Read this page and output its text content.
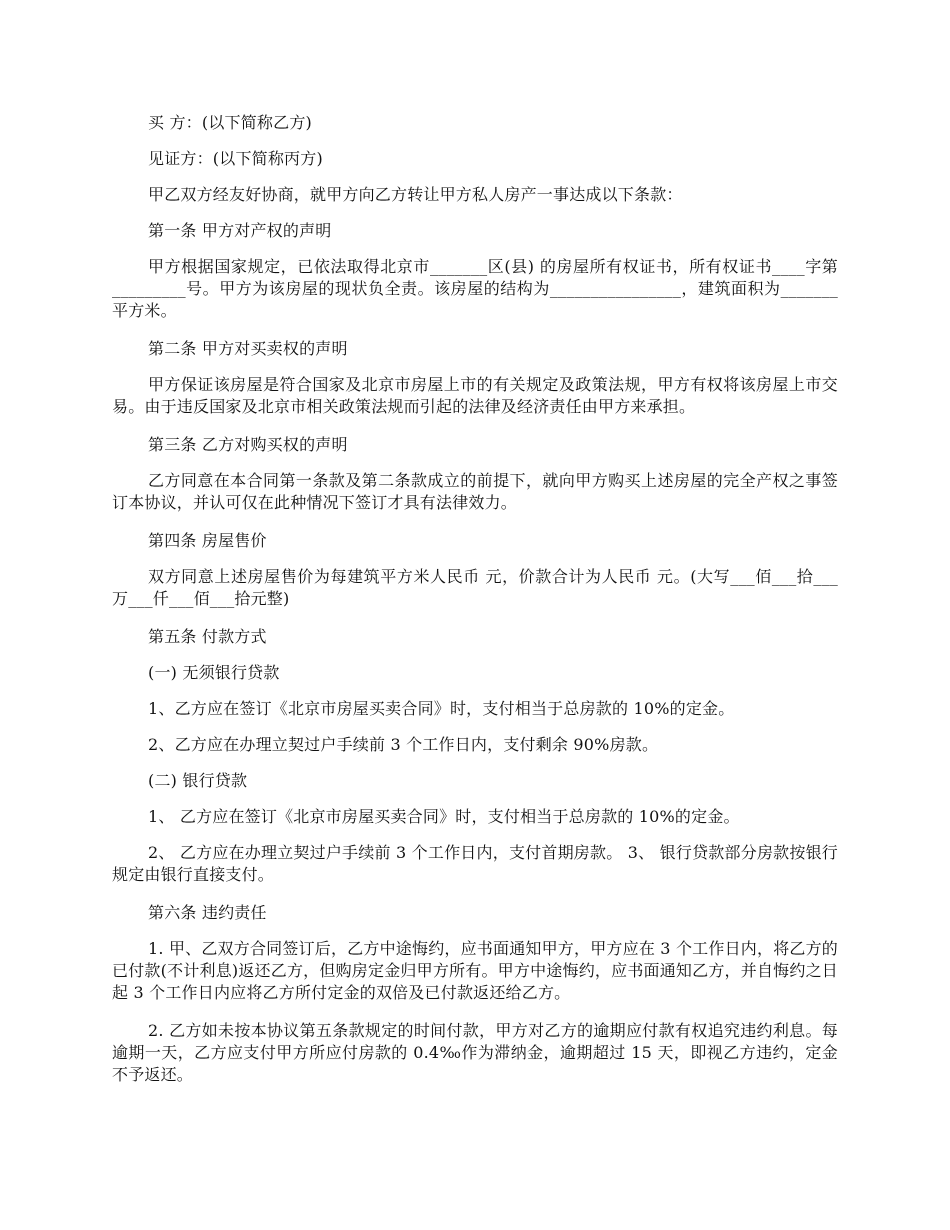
买 方：(以下简称乙方)

见证方：(以下简称丙方)

甲乙双方经友好协商，就甲方向乙方转让甲方私人房产一事达成以下条款：

第一条 甲方对产权的声明

甲方根据国家规定，已依法取得北京市_______区(县) 的房屋所有权证书，所有权证书____字第_________号。甲方为该房屋的现状负全责。该房屋的结构为________________，建筑面积为_______平方米。

第二条 甲方对买卖权的声明

甲方保证该房屋是符合国家及北京市房屋上市的有关规定及政策法规，甲方有权将该房屋上市交易。由于违反国家及北京市相关政策法规而引起的法律及经济责任由甲方来承担。

第三条 乙方对购买权的声明

乙方同意在本合同第一条款及第二条款成立的前提下，就向甲方购买上述房屋的完全产权之事签订本协议，并认可仅在此种情况下签订才具有法律效力。

第四条 房屋售价

双方同意上述房屋售价为每建筑平方米人民币 元，价款合计为人民币 元。(大写___佰___拾___万___仟___佰___拾元整)

第五条 付款方式

(一) 无须银行贷款

1、乙方应在签订《北京市房屋买卖合同》时，支付相当于总房款的 10%的定金。

2、乙方应在办理立契过户手续前 3 个工作日内，支付剩余 90%房款。

(二) 银行贷款

1、 乙方应在签订《北京市房屋买卖合同》时，支付相当于总房款的 10%的定金。

2、 乙方应在办理立契过户手续前 3 个工作日内，支付首期房款。 3、 银行贷款部分房款按银行规定由银行直接支付。

第六条 违约责任

1. 甲、乙双方合同签订后，乙方中途悔约，应书面通知甲方，甲方应在 3 个工作日内，将乙方的已付款(不计利息)返还乙方，但购房定金归甲方所有。甲方中途悔约，应书面通知乙方，并自悔约之日起 3 个工作日内应将乙方所付定金的双倍及已付款返还给乙方。

2. 乙方如未按本协议第五条款规定的时间付款，甲方对乙方的逾期应付款有权追究违约利息。每逾期一天，乙方应支付甲方所应付房款的 0.4‰作为滞纳金，逾期超过 15 天，即视乙方违约，定金不予返还。
